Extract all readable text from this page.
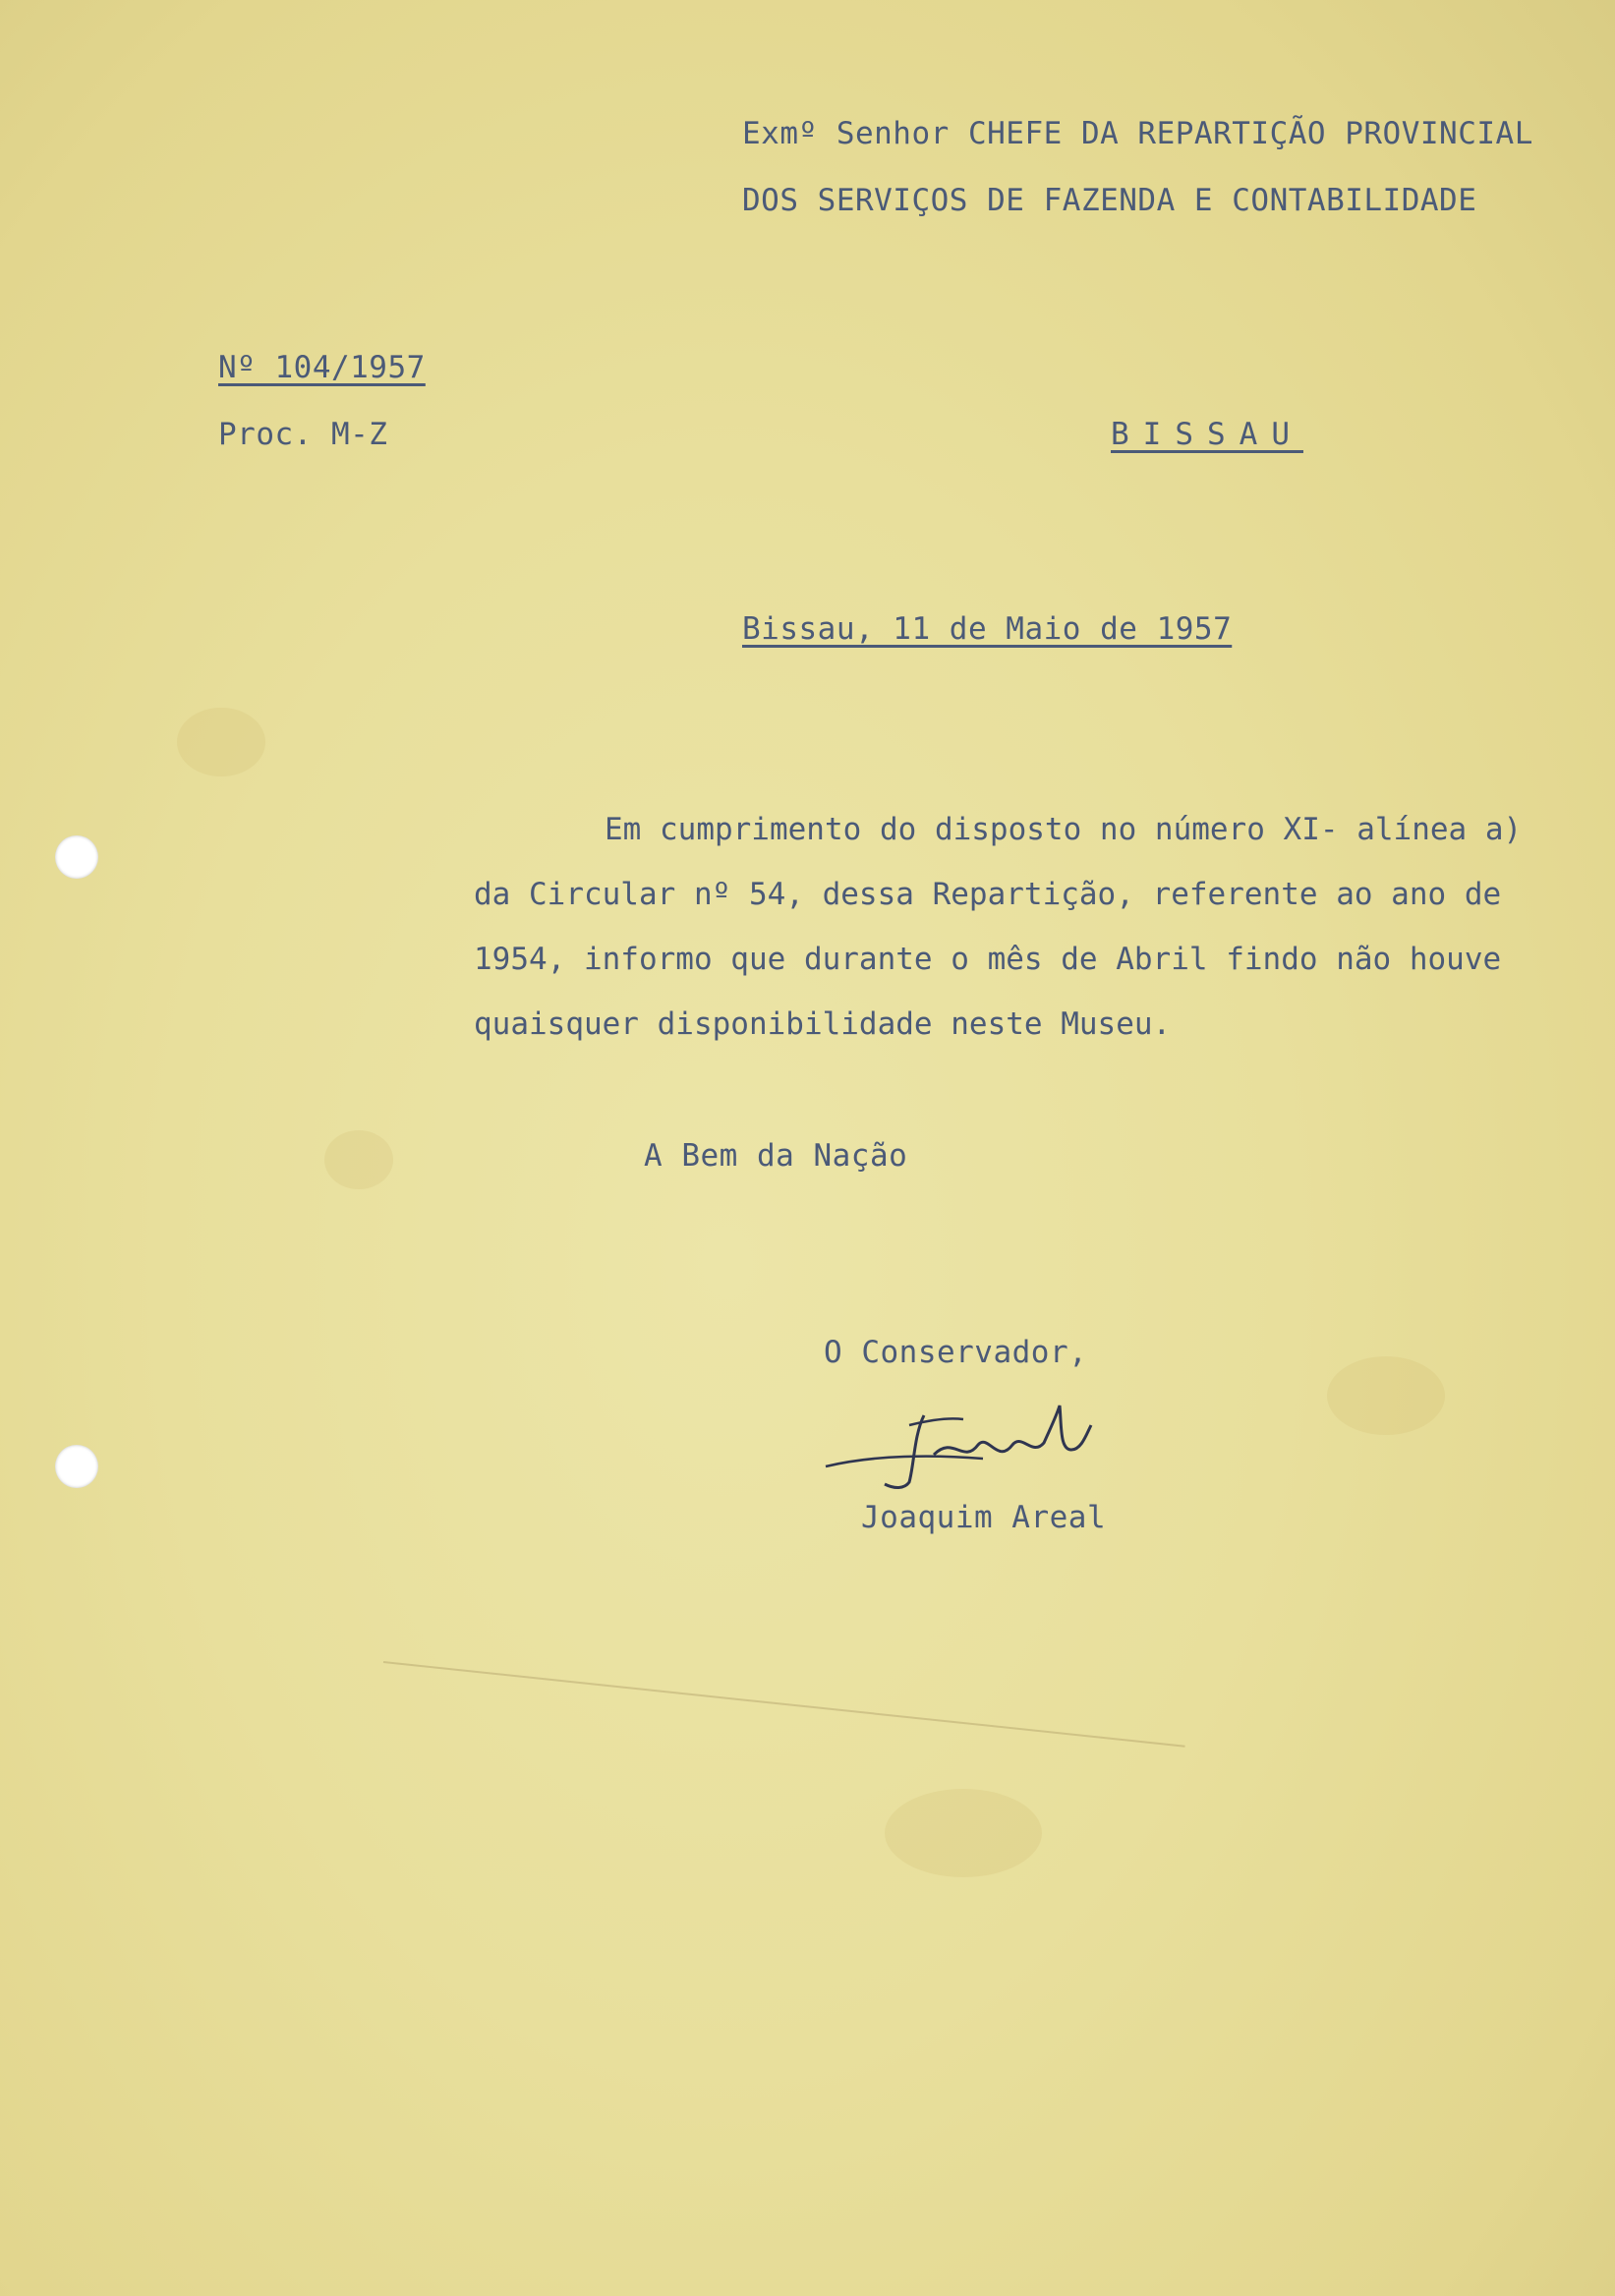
Exmº Senhor CHEFE DA REPARTIÇÃO PROVINCIAL

DOS SERVIÇOS DE FAZENDA E CONTABILIDADE

Nº 104/1957

Proc. M-Z	BISSAU

Bissau, 11 de Maio de 1957

Em cumprimento do disposto no número XI- alínea a)

da Circular nº 54, dessa Repartição, referente ao ano de

1954, informo que durante o mês de Abril findo não houve

quaisquer disponibilidade neste Museu.

A Bem da Nação

O Conservador,

Joaquim Areal
